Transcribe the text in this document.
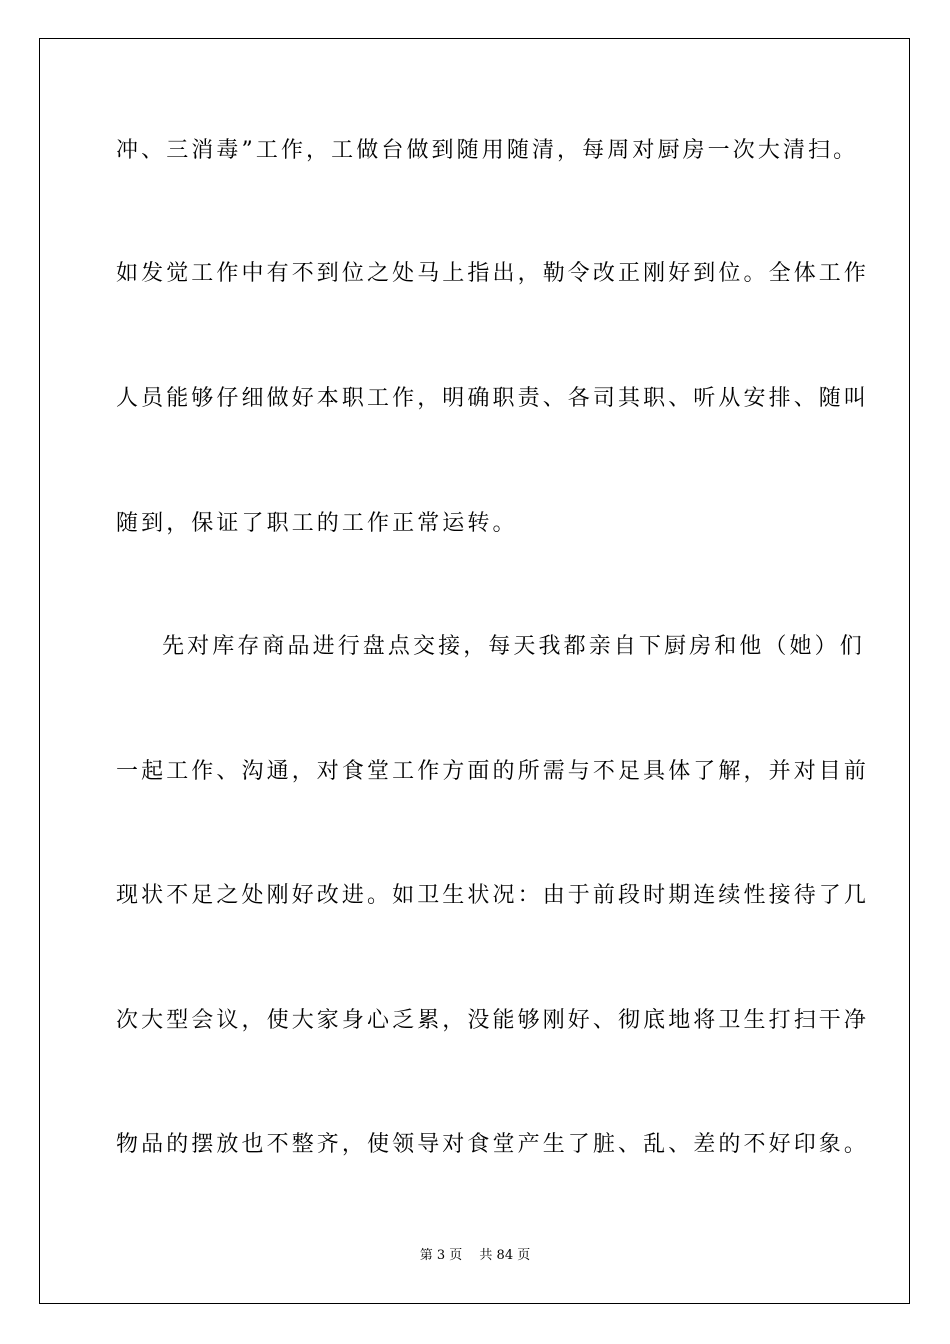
冲、三消毒”工作，工做台做到随用随清，每周对厨房一次大清扫。
如发觉工作中有不到位之处马上指出，勒令改正刚好到位。全体工作
人员能够仔细做好本职工作，明确职责、各司其职、听从安排、随叫
随到，保证了职工的工作正常运转。
先对库存商品进行盘点交接，每天我都亲自下厨房和他（她）们
一起工作、沟通，对食堂工作方面的所需与不足具体了解，并对目前
现状不足之处刚好改进。如卫生状况：由于前段时期连续性接待了几
次大型会议，使大家身心乏累，没能够刚好、彻底地将卫生打扫干净
物品的摆放也不整齐，使领导对食堂产生了脏、乱、差的不好印象。
第 3 页　 共 84 页
